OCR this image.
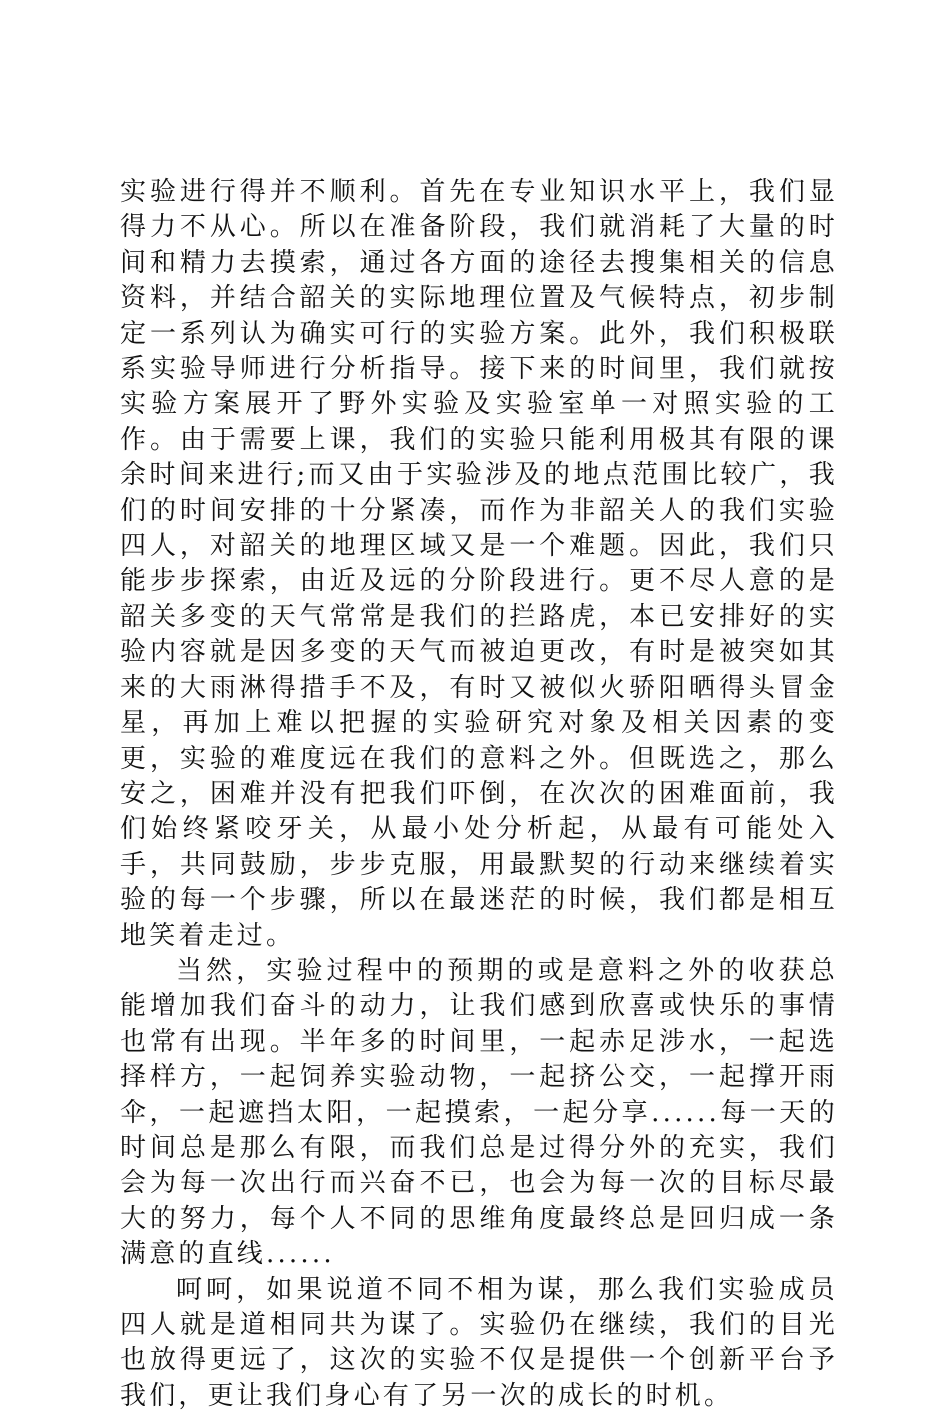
实验进行得并不顺利。首先在专业知识水平上，我们显得力不从心。所以在准备阶段，我们就消耗了大量的时间和精力去摸索，通过各方面的途径去搜集相关的信息资料，并结合韶关的实际地理位置及气候特点，初步制定一系列认为确实可行的实验方案。此外，我们积极联系实验导师进行分析指导。接下来的时间里，我们就按实验方案展开了野外实验及实验室单一对照实验的工作。由于需要上课，我们的实验只能利用极其有限的课余时间来进行;而又由于实验涉及的地点范围比较广，我们的时间安排的十分紧凑，而作为非韶关人的我们实验四人，对韶关的地理区域又是一个难题。因此，我们只能步步探索，由近及远的分阶段进行。更不尽人意的是韶关多变的天气常常是我们的拦路虎，本已安排好的实验内容就是因多变的天气而被迫更改，有时是被突如其来的大雨淋得措手不及，有时又被似火骄阳晒得头冒金星，再加上难以把握的实验研究对象及相关因素的变更，实验的难度远在我们的意料之外。但既选之，那么安之，困难并没有把我们吓倒，在次次的困难面前，我们始终紧咬牙关，从最小处分析起，从最有可能处入手，共同鼓励，步步克服，用最默契的行动来继续着实验的每一个步骤，所以在最迷茫的时候，我们都是相互地笑着走过。

当然，实验过程中的预期的或是意料之外的收获总能增加我们奋斗的动力，让我们感到欣喜或快乐的事情也常有出现。半年多的时间里，一起赤足涉水，一起选择样方，一起饲养实验动物，一起挤公交，一起撑开雨伞，一起遮挡太阳，一起摸索，一起分享......每一天的时间总是那么有限，而我们总是过得分外的充实，我们会为每一次出行而兴奋不已，也会为每一次的目标尽最大的努力，每个人不同的思维角度最终总是回归成一条满意的直线......

呵呵，如果说道不同不相为谋，那么我们实验成员四人就是道相同共为谋了。实验仍在继续，我们的目光也放得更远了，这次的实验不仅是提供一个创新平台予我们，更让我们身心有了另一次的成长的时机。
